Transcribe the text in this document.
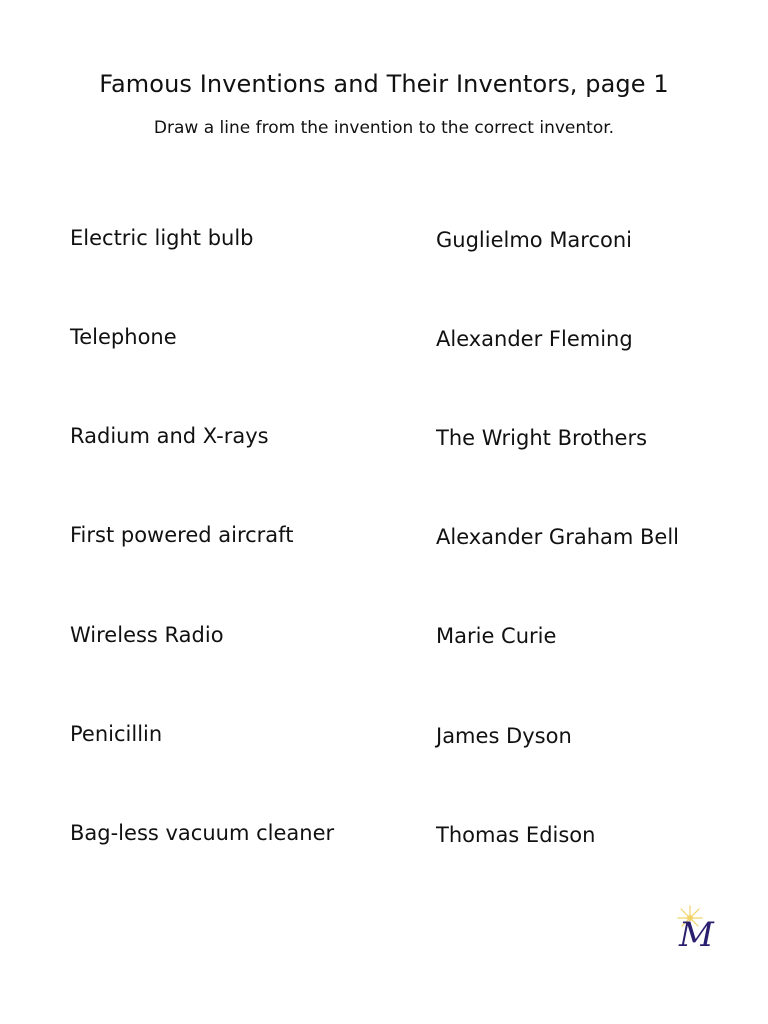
Famous Inventions and Their Inventors, page 1

Draw a line from the invention to the correct inventor.

Electric light bulb
Telephone
Radium and X-rays
First powered aircraft
Wireless Radio
Penicillin
Bag-less vacuum cleaner
Guglielmo Marconi
Alexander Fleming
The Wright Brothers
Alexander Graham Bell
Marie Curie
James Dyson
Thomas Edison
M
